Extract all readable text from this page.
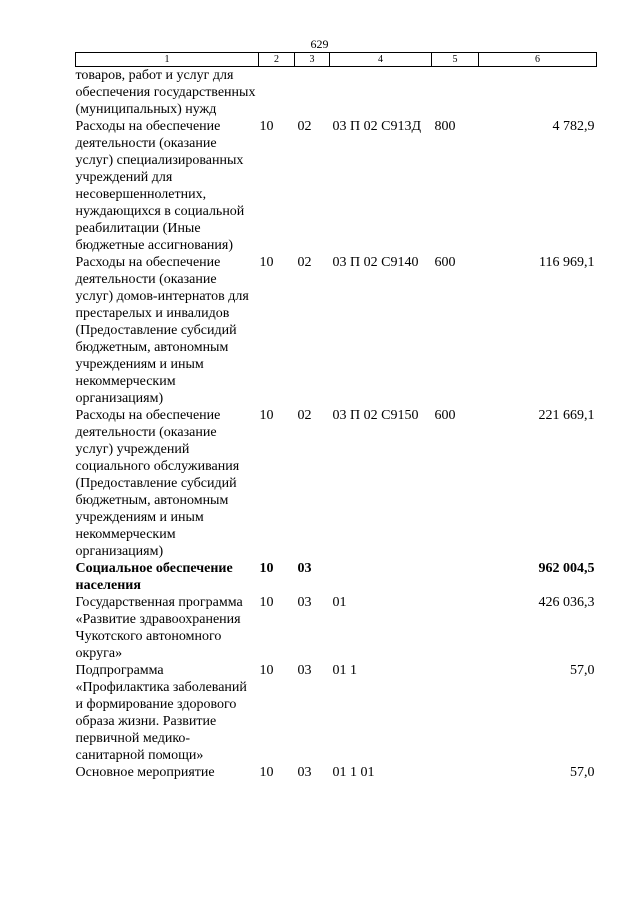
629
1	2	3	4	5	6
товаров, работ и услуг для обеспечения государственных (муниципальных) нужд					
Расходы на обеспечение деятельности (оказание услуг) специализированных учреждений для несовершеннолетних, нуждающихся в социальной реабилитации (Иные бюджетные ассигнования)	10	02	03 П 02 С913Д	800	4 782,9
Расходы на обеспечение деятельности (оказание услуг) домов-интернатов для престарелых и инвалидов (Предоставление субсидий бюджетным, автономным учреждениям и иным некоммерческим организациям)	10	02	03 П 02 С9140	600	116 969,1
Расходы на обеспечение деятельности (оказание услуг) учреждений социального обслуживания (Предоставление субсидий бюджетным, автономным учреждениям и иным некоммерческим организациям)	10	02	03 П 02 С9150	600	221 669,1
Социальное обеспечение населения	10	03			962 004,5
Государственная программа «Развитие здравоохранения Чукотского автономного округа»	10	03	01		426 036,3
Подпрограмма «Профилактика заболеваний и формирование здорового образа жизни. Развитие первичной медико-санитарной помощи»	10	03	01 1		57,0
Основное мероприятие	10	03	01 1 01		57,0
